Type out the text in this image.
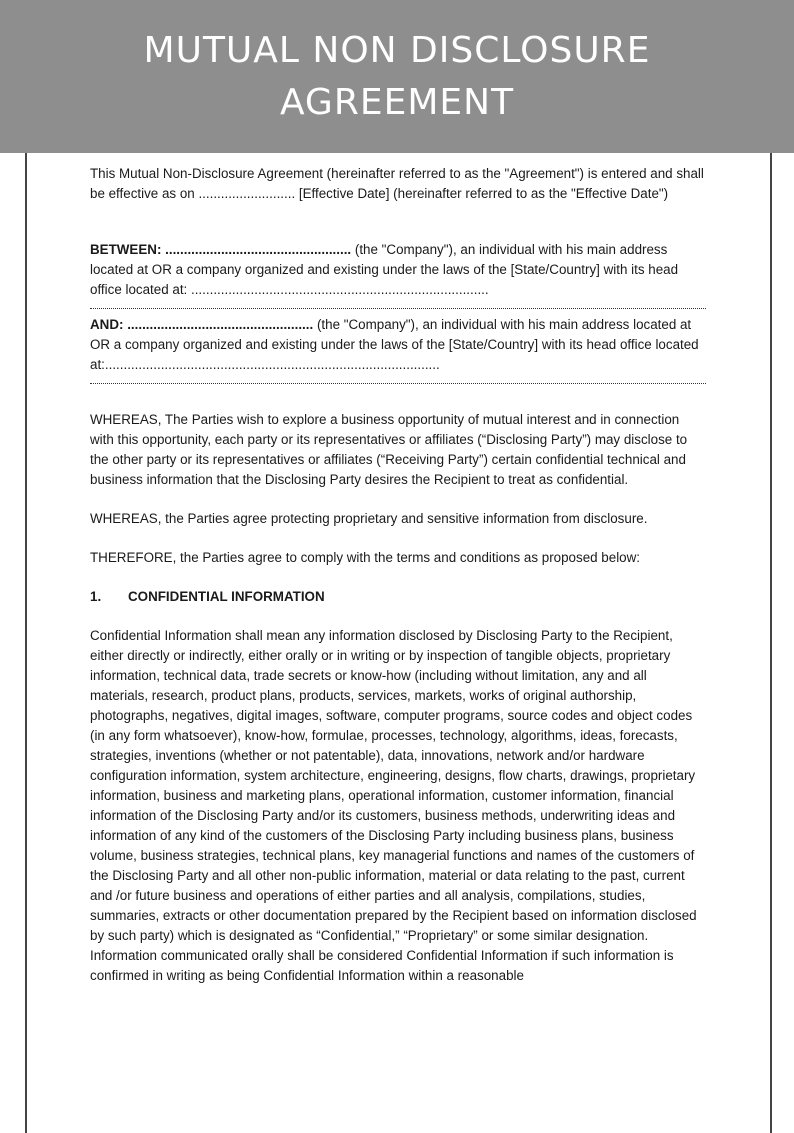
MUTUAL NON DISCLOSURE
AGREEMENT

This Mutual Non-Disclosure Agreement (hereinafter referred to as the "Agreement") is entered and shall be effective as on .......................... [Effective Date] (hereinafter referred to as the "Effective Date")

BETWEEN: .................................................. (the "Company"), an individual with his main address located at OR a company organized and existing under the laws of the [State/Country] with its head office located at: ................................................................................

AND: .................................................. (the "Company"), an individual with his main address located at OR a company organized and existing under the laws of the [State/Country] with its head office located at:..........................................................................................

WHEREAS, The Parties wish to explore a business opportunity of mutual interest and in connection with this opportunity, each party or its representatives or affiliates (“Disclosing Party”) may disclose to the other party or its representatives or affiliates (“Receiving Party”) certain confidential technical and business information that the Disclosing Party desires the Recipient to treat as confidential.

WHEREAS, the Parties agree protecting proprietary and sensitive information from disclosure.

THEREFORE, the Parties agree to comply with the terms and conditions as proposed below:

1. CONFIDENTIAL INFORMATION

Confidential Information shall mean any information disclosed by Disclosing Party to the Recipient, either directly or indirectly, either orally or in writing or by inspection of tangible objects, proprietary information, technical data, trade secrets or know-how (including without limitation, any and all materials, research, product plans, products, services, markets, works of original authorship, photographs, negatives, digital images, software, computer programs, source codes and object codes (in any form whatsoever), know-how, formulae, processes, technology, algorithms, ideas, forecasts, strategies, inventions (whether or not patentable), data, innovations, network and/or hardware configuration information, system architecture, engineering, designs, flow charts, drawings, proprietary information, business and marketing plans, operational information, customer information, financial information of the Disclosing Party and/or its customers, business methods, underwriting ideas and information of any kind of the customers of the Disclosing Party including business plans, business volume, business strategies, technical plans, key managerial functions and names of the customers of the Disclosing Party and all other non-public information, material or data relating to the past, current and /or future business and operations of either parties and all analysis, compilations, studies, summaries, extracts or other documentation prepared by the Recipient based on information disclosed by such party) which is designated as “Confidential,” “Proprietary” or some similar designation. Information communicated orally shall be considered Confidential Information if such information is confirmed in writing as being Confidential Information within a reasonable
